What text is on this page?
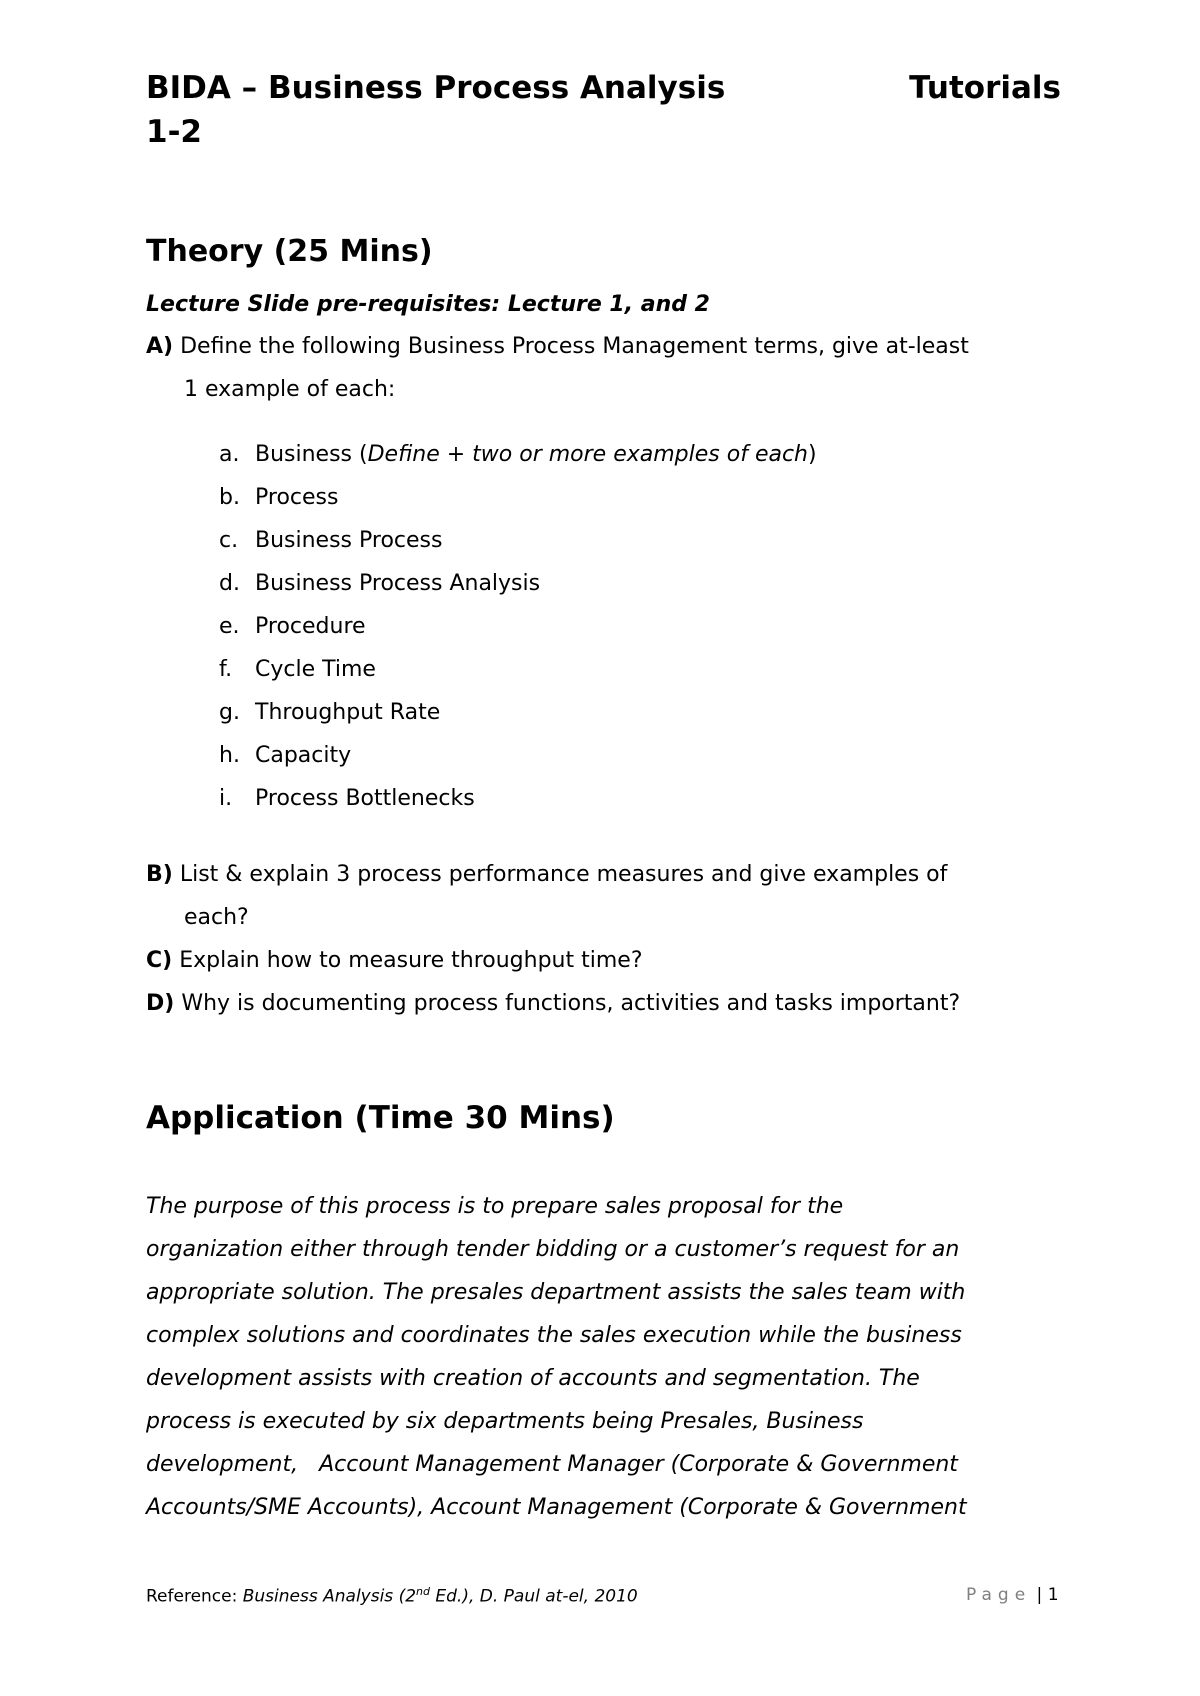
BIDA – Business Process Analysis	Tutorials
1-2
Theory (25 Mins)
Lecture Slide pre-requisites: Lecture 1, and 2
A) Define the following Business Process Management terms, give at-least
1 example of each:
a. Business (Define + two or more examples of each)
b. Process
c. Business Process
d. Business Process Analysis
e. Procedure
f.	Cycle Time
g. Throughput Rate
h. Capacity
i.	Process Bottlenecks
B) List & explain 3 process performance measures and give examples of
each?
C) Explain how to measure throughput time?
D) Why is documenting process functions, activities and tasks important?
Application (Time 30 Mins)
The purpose of this process is to prepare sales proposal for the
organization either through tender bidding or a customer’s request for an
appropriate solution. The presales department assists the sales team with
complex solutions and coordinates the sales execution while the business
development assists with creation of accounts and segmentation. The
process is executed by six departments being Presales, Business
development,   Account Management Manager (Corporate & Government
Accounts/SME Accounts), Account Management (Corporate & Government
Reference: Business Analysis (2nd Ed.), D. Paul at-el, 2010	Page | 1
